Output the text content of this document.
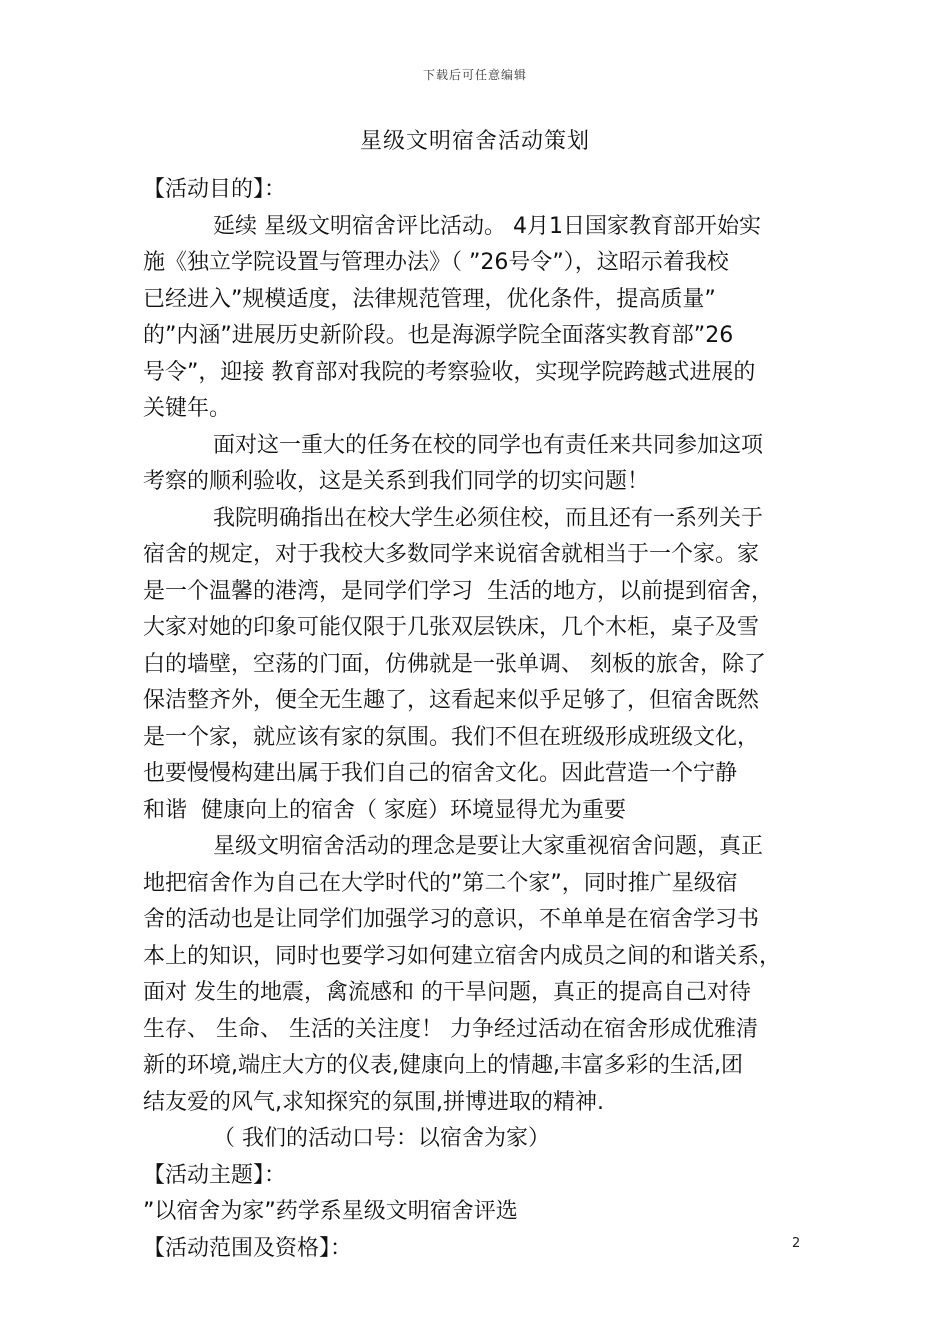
下载后可任意编辑
星级文明宿舍活动策划
【活动目的】：
延续 星级文明宿舍评比活动。 4月1日国家教育部开始实
施《独立学院设置与管理办法》（ ”26号令”），这昭示着我校
已经进入”规模适度，法律规范管理，优化条件，提高质量”
的”内涵”进展历史新阶段。也是海源学院全面落实教育部”26
号令”，迎接 教育部对我院的考察验收，实现学院跨越式进展的
关键年。
面对这一重大的任务在校的同学也有责任来共同参加这项
考察的顺利验收，这是关系到我们同学的切实问题！
我院明确指出在校大学生必须住校，而且还有一系列关于
宿舍的规定，对于我校大多数同学来说宿舍就相当于一个家。家
是一个温馨的港湾，是同学们学习  生活的地方，以前提到宿舍，
大家对她的印象可能仅限于几张双层铁床，几个木柜，桌子及雪
白的墙壁，空荡的门面，仿佛就是一张单调、 刻板的旅舍，除了
保洁整齐外，便全无生趣了，这看起来似乎足够了，但宿舍既然
是一个家，就应该有家的氛围。我们不但在班级形成班级文化，
也要慢慢构建出属于我们自己的宿舍文化。因此营造一个宁静
和谐  健康向上的宿舍（ 家庭）环境显得尤为重要
星级文明宿舍活动的理念是要让大家重视宿舍问题，真正
地把宿舍作为自己在大学时代的”第二个家”，同时推广星级宿
舍的活动也是让同学们加强学习的意识，不单单是在宿舍学习书
本上的知识，同时也要学习如何建立宿舍内成员之间的和谐关系，
面对 发生的地震，禽流感和 的干旱问题，真正的提高自己对待
生存、 生命、 生活的关注度！ 力争经过活动在宿舍形成优雅清
新的环境,端庄大方的仪表,健康向上的情趣,丰富多彩的生活,团
结友爱的风气,求知探究的氛围,拼博进取的精神.
（ 我们的活动口号：以宿舍为家）
【活动主题】：
”以宿舍为家”药学系星级文明宿舍评选
【活动范围及资格】：	2
